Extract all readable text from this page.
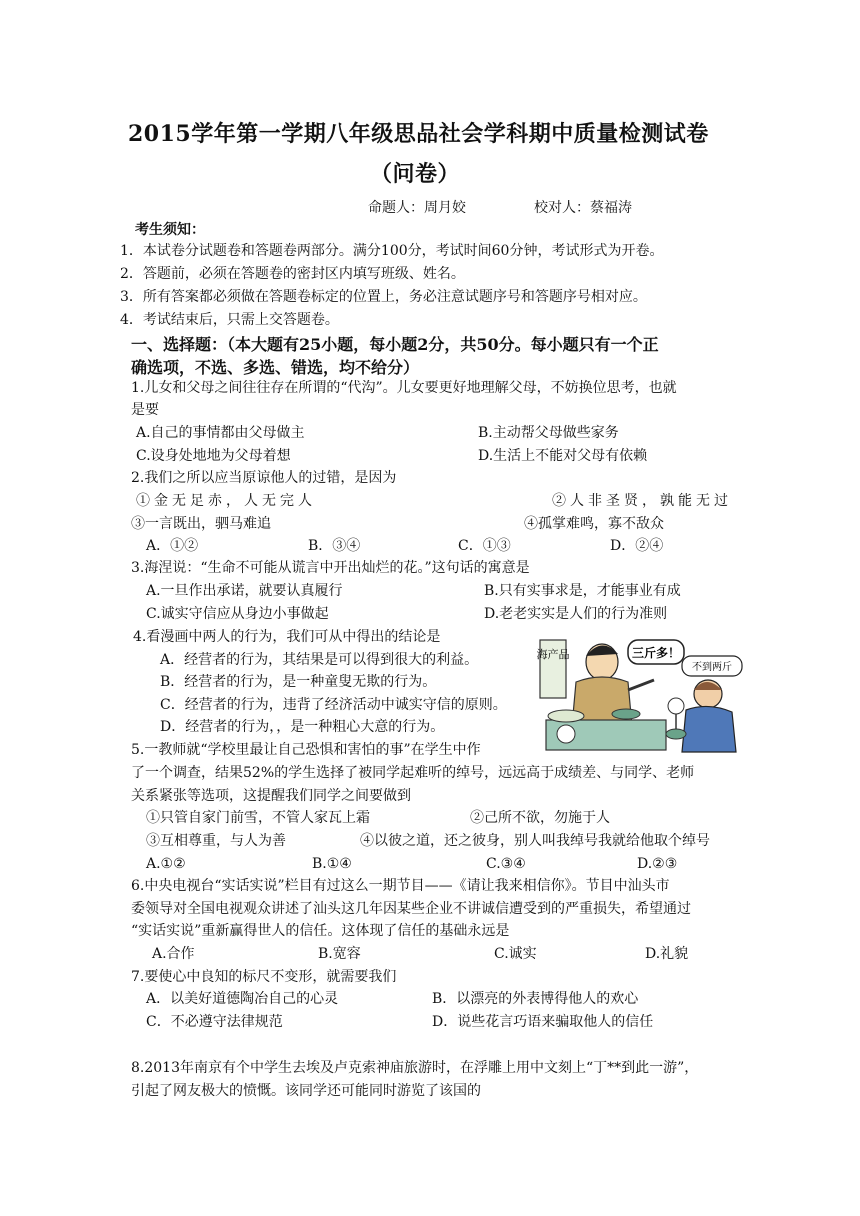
2015学年第一学期八年级思品社会学科期中质量检测试卷
（问卷）
命题人：周月姣	校对人：蔡福涛
考生须知：
1．本试卷分试题卷和答题卷两部分。满分100分，考试时间60分钟，考试形式为开卷。
2．答题前，必须在答题卷的密封区内填写班级、姓名。
3．所有答案都必须做在答题卷标定的位置上，务必注意试题序号和答题序号相对应。
4．考试结束后，只需上交答题卷。
一、选择题：（本大题有25小题，每小题2分，共50分。每小题只有一个正
确选项，不选、多选、错选，均不给分）
1.儿女和父母之间往往存在所谓的“代沟”。儿女要更好地理解父母，不妨换位思考，也就
是要
A.自己的事情都由父母做主	B.主动帮父母做些家务
C.设身处地地为父母着想	D.生活上不能对父母有依赖
2.我们之所以应当原谅他人的过错，是因为
①金无足赤，人无完人	②人非圣贤，孰能无过
③一言既出，驷马难追	④孤掌难鸣，寡不敌众
A．①②	B．③④	C．①③	D．②④
3.海涅说：“生命不可能从谎言中开出灿烂的花。”这句话的寓意是
A.一旦作出承诺，就要认真履行	B.只有实事求是，才能事业有成
C.诚实守信应从身边小事做起	D.老老实实是人们的行为准则
4.看漫画中两人的行为，我们可从中得出的结论是
A．经营者的行为，其结果是可以得到很大的利益。
B．经营者的行为，是一种童叟无欺的行为。
C．经营者的行为，违背了经济活动中诚实守信的原则。
D．经营者的行为，，是一种粗心大意的行为。
海产品	三斤多！
不到两斤
5.一教师就“学校里最让自己恐惧和害怕的事”在学生中作
了一个调查，结果52%的学生选择了被同学起难听的绰号，远远高于成绩差、与同学、老师
关系紧张等选项，这提醒我们同学之间要做到
①只管自家门前雪，不管人家瓦上霜	②己所不欲，勿施于人
③互相尊重，与人为善	④以彼之道，还之彼身，别人叫我绰号我就给他取个绰号
A.①②	B.①④	C.③④	D.②③
6.中央电视台“实话实说”栏目有过这么一期节目——《请让我来相信你》。节目中汕头市
委领导对全国电视观众讲述了汕头这几年因某些企业不讲诚信遭受到的严重损失，希望通过
“实话实说”重新赢得世人的信任。这体现了信任的基础永远是
A.合作	B.宽容	C.诚实	D.礼貌
7.要使心中良知的标尺不变形，就需要我们
A．以美好道德陶冶自己的心灵	B．以漂亮的外表博得他人的欢心
C．不必遵守法律规范	D．说些花言巧语来骗取他人的信任
8.2013年南京有个中学生去埃及卢克索神庙旅游时，在浮雕上用中文刻上“丁**到此一游”，
引起了网友极大的愤慨。该同学还可能同时游览了该国的
